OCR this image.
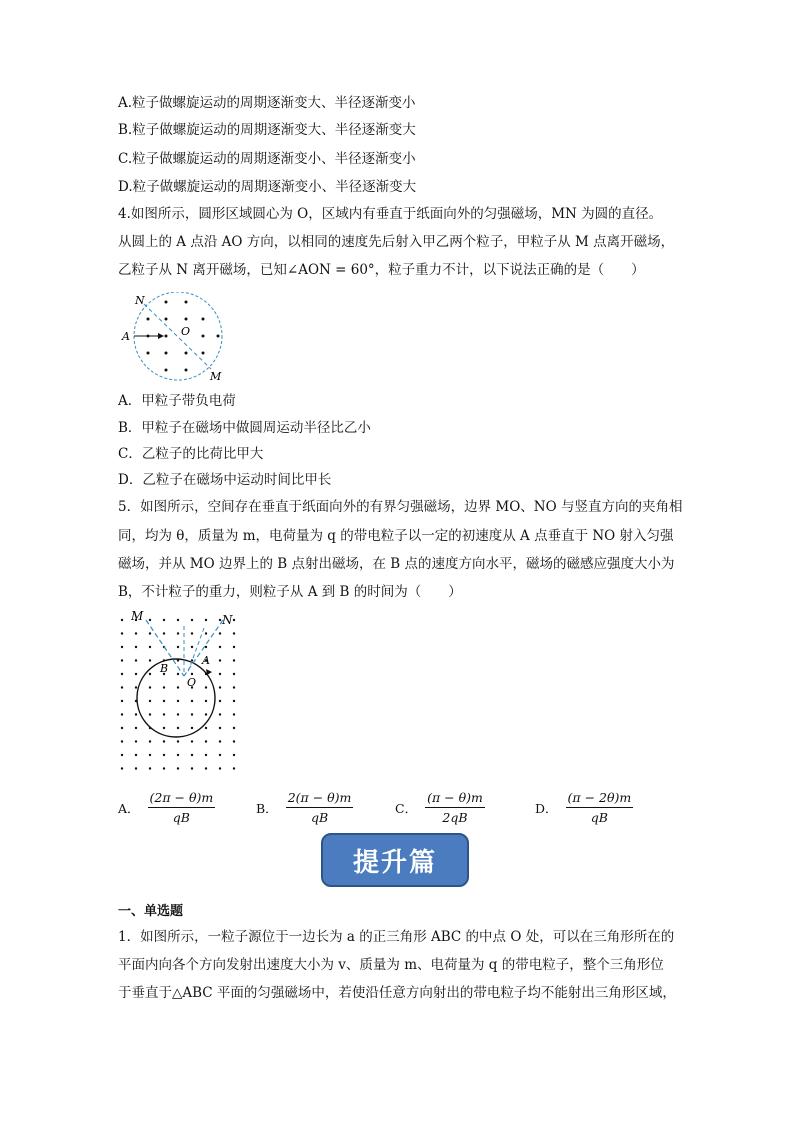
A.粒子做螺旋运动的周期逐渐变大、半径逐渐变小
B.粒子做螺旋运动的周期逐渐变大、半径逐渐变大
C.粒子做螺旋运动的周期逐渐变小、半径逐渐变小
D.粒子做螺旋运动的周期逐渐变小、半径逐渐变大
4.如图所示，圆形区域圆心为 O，区域内有垂直于纸面向外的匀强磁场，MN 为圆的直径。
从圆上的 A 点沿 AO 方向，以相同的速度先后射入甲乙两个粒子，甲粒子从 M 点离开磁场，
乙粒子从 N 离开磁场，已知∠AON = 60°，粒子重力不计，以下说法正确的是（　　）
N
O
A
M
A．甲粒子带负电荷
B．甲粒子在磁场中做圆周运动半径比乙小
C．乙粒子的比荷比甲大
D．乙粒子在磁场中运动时间比甲长
5．如图所示，空间存在垂直于纸面向外的有界匀强磁场，边界 MO、NO 与竖直方向的夹角相
同，均为 θ，质量为 m，电荷量为 q 的带电粒子以一定的初速度从 A 点垂直于 NO 射入匀强
磁场，并从 MO 边界上的 B 点射出磁场，在 B 点的速度方向水平，磁场的磁感应强度大小为
B，不计粒子的重力，则粒子从 A 到 B 的时间为（　　）
M	N
B
A
O
A． $\frac{(2\pi - \theta)m}{qB}$	B． $\frac{2(\pi - \theta)m}{qB}$	C． $\frac{(\pi - \theta)m}{2qB}$	D． $\frac{(\pi - 2\theta)m}{qB}$
提升篇
一、单选题
1．如图所示，一粒子源位于一边长为 a 的正三角形 ABC 的中点 O 处，可以在三角形所在的
平面内向各个方向发射出速度大小为 v、质量为 m、电荷量为 q 的带电粒子，整个三角形位
于垂直于△ABC 平面的匀强磁场中，若使沿任意方向射出的带电粒子均不能射出三角形区域，
